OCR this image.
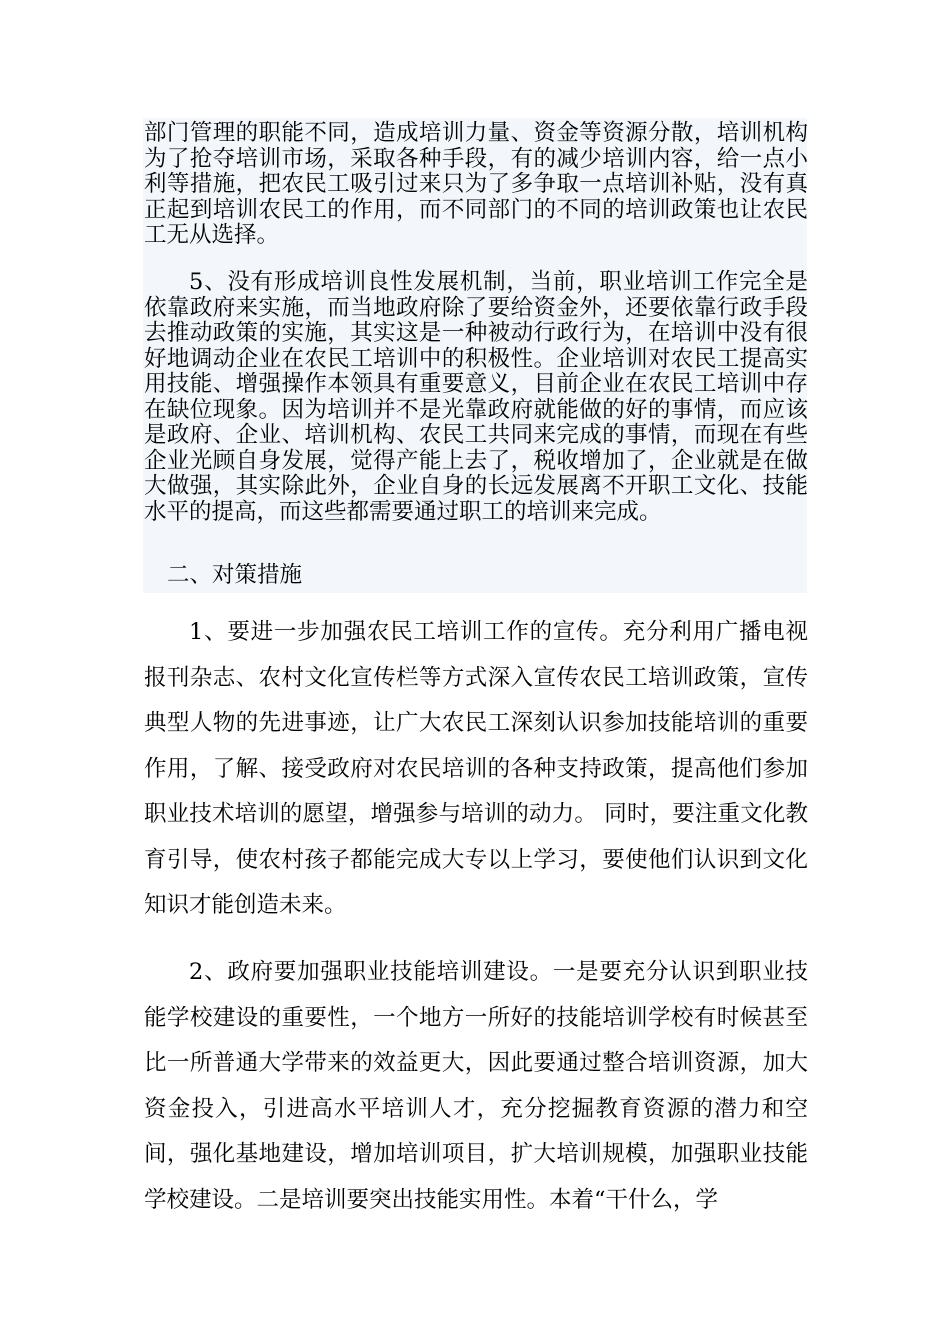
部门管理的职能不同，造成培训力量、资金等资源分散，培训机构为了抢夺培训市场，采取各种手段，有的减少培训内容，给一点小利等措施，把农民工吸引过来只为了多争取一点培训补贴，没有真正起到培训农民工的作用，而不同部门的不同的培训政策也让农民工无从选择。

5、没有形成培训良性发展机制，当前，职业培训工作完全是依靠政府来实施，而当地政府除了要给资金外，还要依靠行政手段去推动政策的实施，其实这是一种被动行政行为，在培训中没有很好地调动企业在农民工培训中的积极性。企业培训对农民工提高实用技能、增强操作本领具有重要意义，目前企业在农民工培训中存在缺位现象。因为培训并不是光靠政府就能做的好的事情，而应该是政府、企业、培训机构、农民工共同来完成的事情，而现在有些企业光顾自身发展，觉得产能上去了，税收增加了，企业就是在做大做强，其实除此外，企业自身的长远发展离不开职工文化、技能水平的提高，而这些都需要通过职工的培训来完成。

二、对策措施

1、要进一步加强农民工培训工作的宣传。充分利用广播电视报刊杂志、农村文化宣传栏等方式深入宣传农民工培训政策，宣传典型人物的先进事迹，让广大农民工深刻认识参加技能培训的重要作用，了解、接受政府对农民培训的各种支持政策，提高他们参加职业技术培训的愿望，增强参与培训的动力。 同时，要注重文化教育引导，使农村孩子都能完成大专以上学习，要使他们认识到文化知识才能创造未来。

2、政府要加强职业技能培训建设。一是要充分认识到职业技能学校建设的重要性，一个地方一所好的技能培训学校有时候甚至比一所普通大学带来的效益更大，因此要通过整合培训资源，加大资金投入，引进高水平培训人才，充分挖掘教育资源的潜力和空间，强化基地建设，增加培训项目，扩大培训规模，加强职业技能学校建设。二是培训要突出技能实用性。本着“干什么，学
